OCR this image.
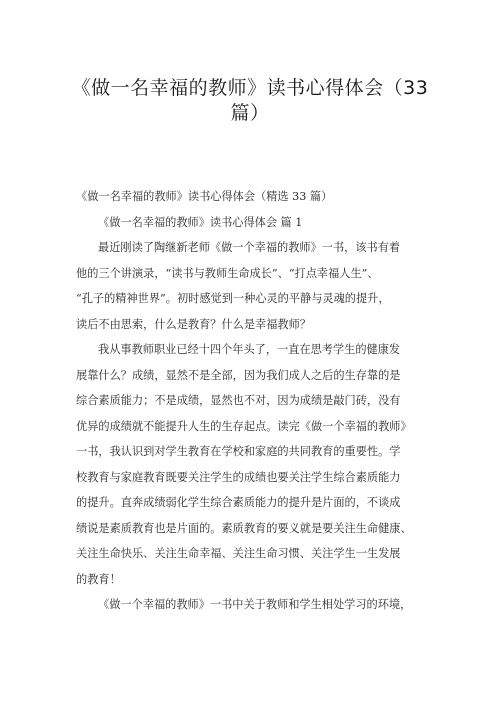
《做一名幸福的教师》读书心得体会（33
篇）
《做一名幸福的教师》读书心得体会（精选 33 篇）
《做一名幸福的教师》读书心得体会 篇 1
最近刚读了陶继新老师《做一个幸福的教师》一书，该书有着
他的三个讲演录，“读书与教师生命成长”、“打点幸福人生”、
“孔子的精神世界”。初时感觉到一种心灵的平静与灵魂的提升，
读后不由思索，什么是教育？什么是幸福教师？
我从事教师职业已经十四个年头了，一直在思考学生的健康发
展靠什么？成绩，显然不是全部，因为我们成人之后的生存靠的是
综合素质能力；不是成绩，显然也不对，因为成绩是敲门砖，没有
优异的成绩就不能提升人生的生存起点。读完《做一个幸福的教师》
一书，我认识到对学生教育在学校和家庭的共同教育的重要性。学
校教育与家庭教育既要关注学生的成绩也要关注学生综合素质能力
的提升。直奔成绩弱化学生综合素质能力的提升是片面的，不谈成
绩说是素质教育也是片面的。素质教育的要义就是要关注生命健康、
关注生命快乐、关注生命幸福、关注生命习惯、关注学生一生发展
的教育！
《做一个幸福的教师》一书中关于教师和学生相处学习的环境，
